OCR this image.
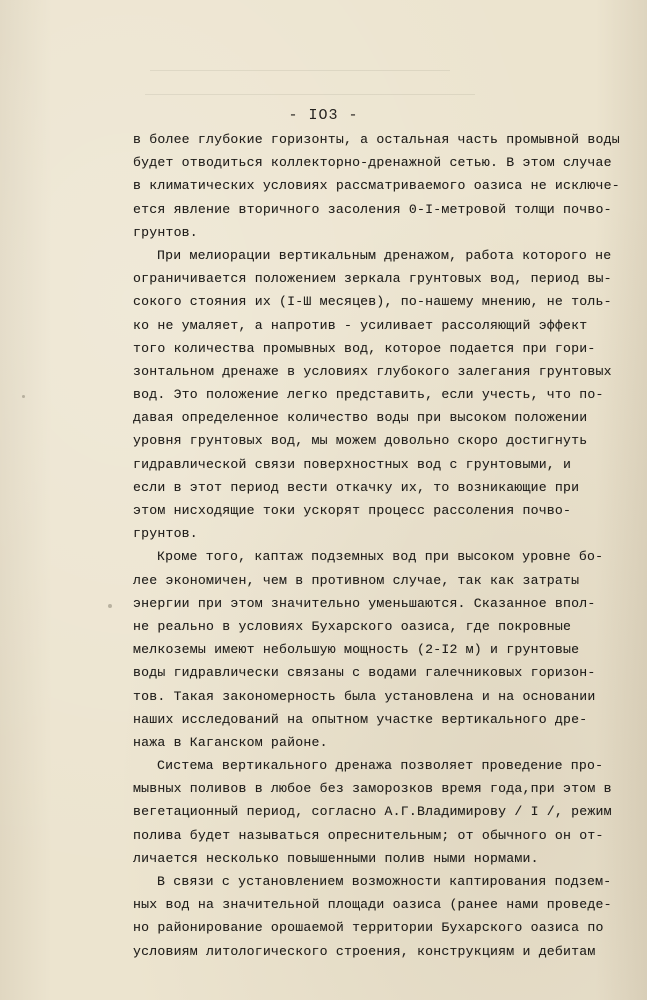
- IO3 -
в более глубокие горизонты, а остальная часть промывной воды
будет отводиться коллекторно-дренажной сетью. В этом случае
в климатических условиях рассматриваемого оазиса не исключе-
ется явление вторичного засоления 0-I-метровой толщи почво-
грунтов.
При мелиорации вертикальным дренажом, работа которого не
ограничивается положением зеркала грунтовых вод, период вы-
сокого стояния их (I-Ш месяцев), по-нашему мнению, не толь-
ко не умаляет, а напротив - усиливает рассоляющий эффект
того количества промывных вод, которое подается при гори-
зонтальном дренаже в условиях глубокого залегания грунтовых
вод. Это положение легко представить, если учесть, что по-
давая определенное количество воды при высоком положении
уровня грунтовых вод, мы можем довольно скоро достигнуть
гидравлической связи поверхностных вод с грунтовыми, и
если в этот период вести откачку их, то возникающие при
этом нисходящие токи ускорят процесс рассоления почво-
грунтов.
Кроме того, каптаж подземных вод при высоком уровне бо-
лее экономичен, чем в противном случае, так как затраты
энергии при этом значительно уменьшаются. Сказанное впол-
не реально в условиях Бухарского оазиса, где покровные
мелкоземы имеют небольшую мощность (2-I2 м) и грунтовые
воды гидравлически связаны с водами галечниковых горизон-
тов. Такая закономерность была установлена и на основании
наших исследований на опытном участке вертикального дре-
нажа в Каганском районе.
Система вертикального дренажа позволяет проведение про-
мывных поливов в любое без заморозков время года,при этом в
вегетационный период, согласно А.Г.Владимирову / I /, режим
полива будет называться опреснительным; от обычного он от-
личается несколько повышенными полив ными нормами.
В связи с установлением возможности каптирования подзем-
ных вод на значительной площади оазиса (ранее нами проведе-
но районирование орошаемой территории Бухарского оазиса по
условиям литологического строения, конструкциям и дебитам
